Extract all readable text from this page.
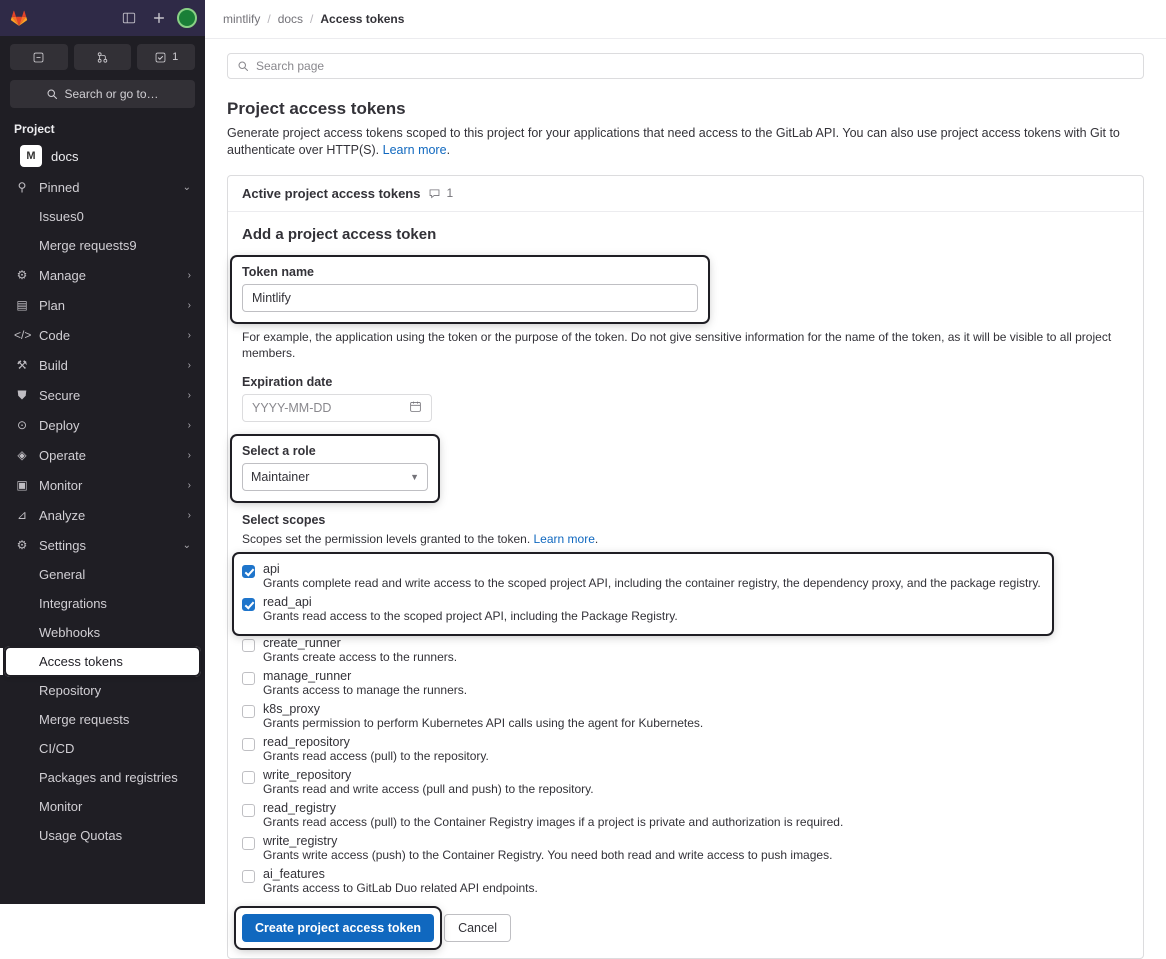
1
Search or go to…
Project
M	docs
⚲ Pinned	⌄
Issues 0
Merge requests 9
⚙ Manage	›
▤ Plan	›
</> Code	›
⚒ Build	›
⛊ Secure	›
⊙ Deploy	›
◈ Operate	›
▣ Monitor	›
⊿ Analyze	›
⚙ Settings	⌄
General
Integrations
Webhooks
Access tokens
Repository
Merge requests
CI/CD
Packages and registries
Monitor
Usage Quotas
mintlify / docs / Access tokens
Search page
Project access tokens
Generate project access tokens scoped to this project for your applications that need access to the GitLab API. You can also use project access tokens with Git to authenticate over HTTP(S). Learn more.
Active project access tokens 1
Add a project access token
Token name
Mintlify
For example, the application using the token or the purpose of the token. Do not give sensitive information for the name of the token, as it will be visible to all project members.
Expiration date
YYYY-MM-DD
Select a role
Maintainer	▼
Select scopes
Scopes set the permission levels granted to the token. Learn more.
api
Grants complete read and write access to the scoped project API, including the container registry, the dependency proxy, and the package registry.
read_api
Grants read access to the scoped project API, including the Package Registry.
create_runner
Grants create access to the runners.
manage_runner
Grants access to manage the runners.
k8s_proxy
Grants permission to perform Kubernetes API calls using the agent for Kubernetes.
read_repository
Grants read access (pull) to the repository.
write_repository
Grants read and write access (pull and push) to the repository.
read_registry
Grants read access (pull) to the Container Registry images if a project is private and authorization is required.
write_registry
Grants write access (push) to the Container Registry. You need both read and write access to push images.
ai_features
Grants access to GitLab Duo related API endpoints.
Create project access token	Cancel
